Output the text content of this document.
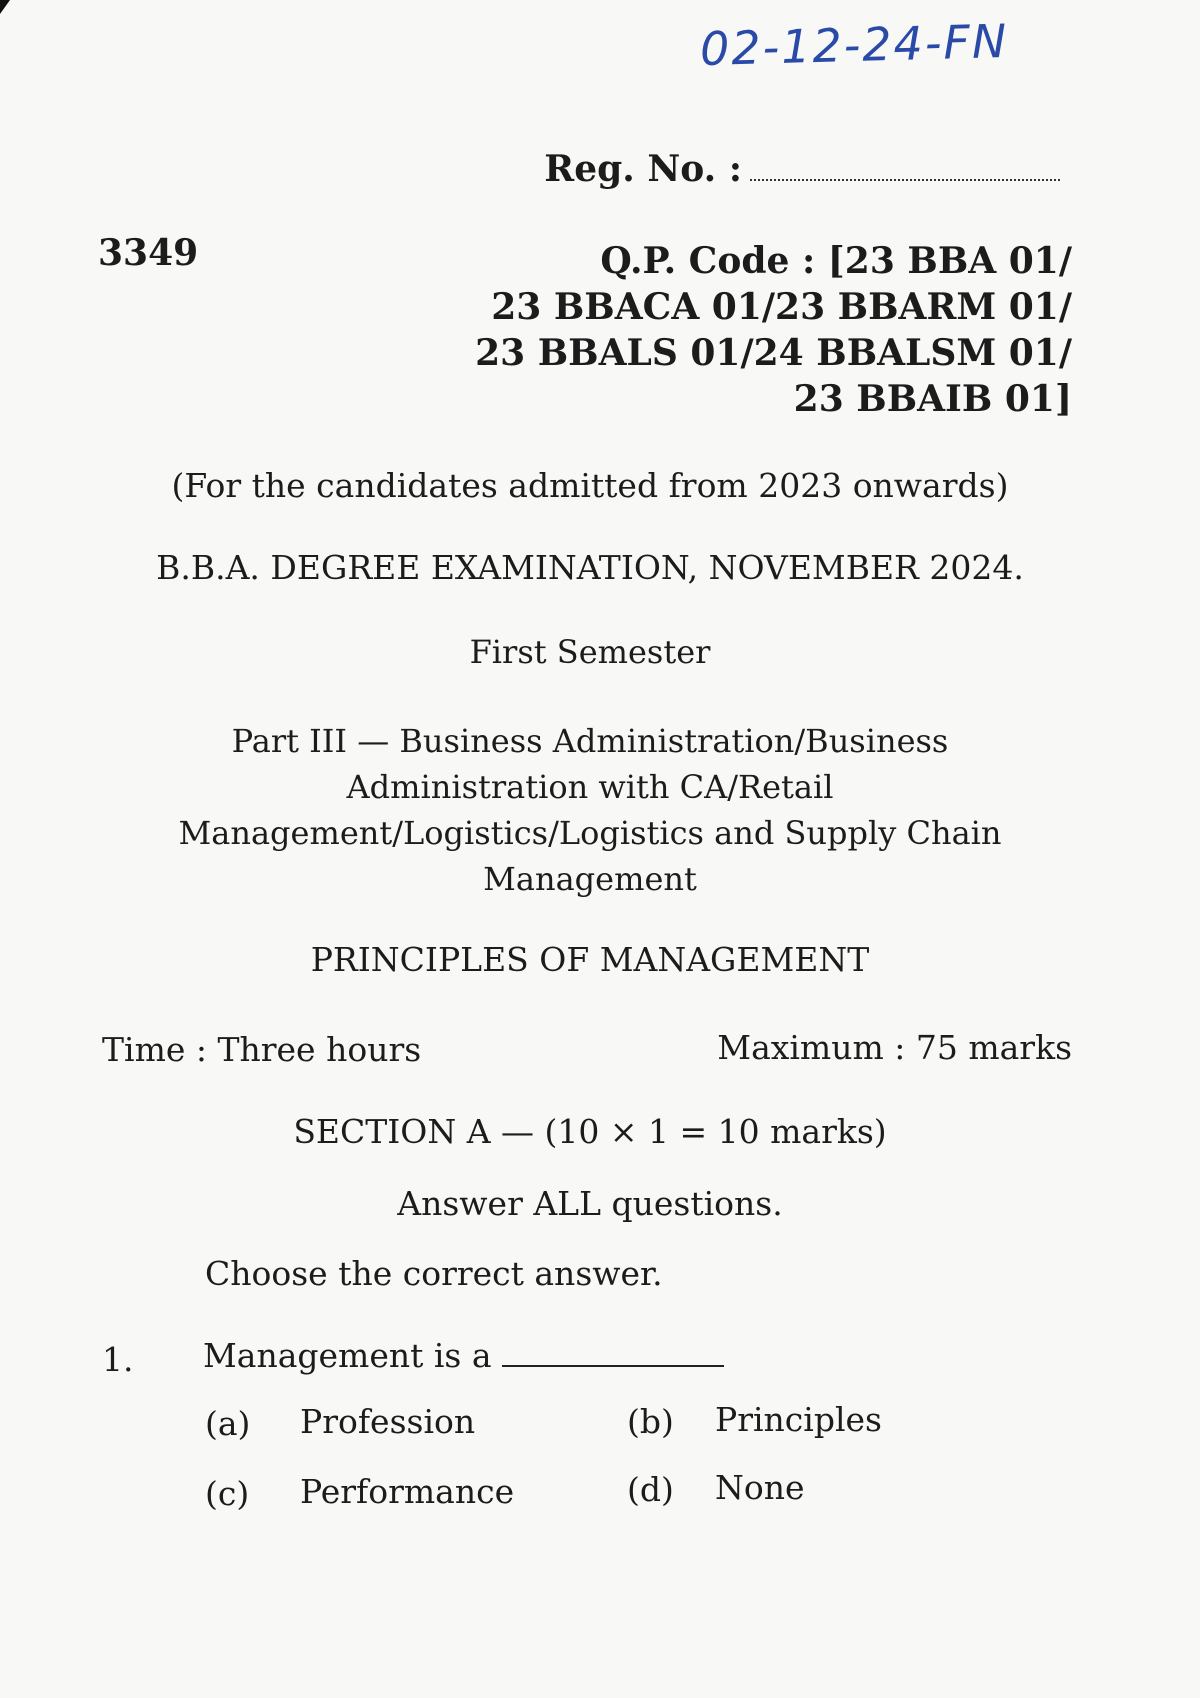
02-12-24-FN
Reg. No. :
3349	Q.P. Code : [23 BBA 01/
23 BBACA 01/23 BBARM 01/
23 BBALS 01/24 BBALSM 01/
23 BBAIB 01]
(For the candidates admitted from 2023 onwards)
B.B.A. DEGREE EXAMINATION, NOVEMBER 2024.
First Semester
Part III — Business Administration/Business
Administration with CA/Retail
Management/Logistics/Logistics and Supply Chain
Management
PRINCIPLES OF MANAGEMENT
Time : Three hours	Maximum : 75 marks
SECTION A — (10 × 1 = 10 marks)
Answer ALL questions.
Choose the correct answer.
1. Management is a
(a) Profession	(b) Principles
(c) Performance	(d) None
